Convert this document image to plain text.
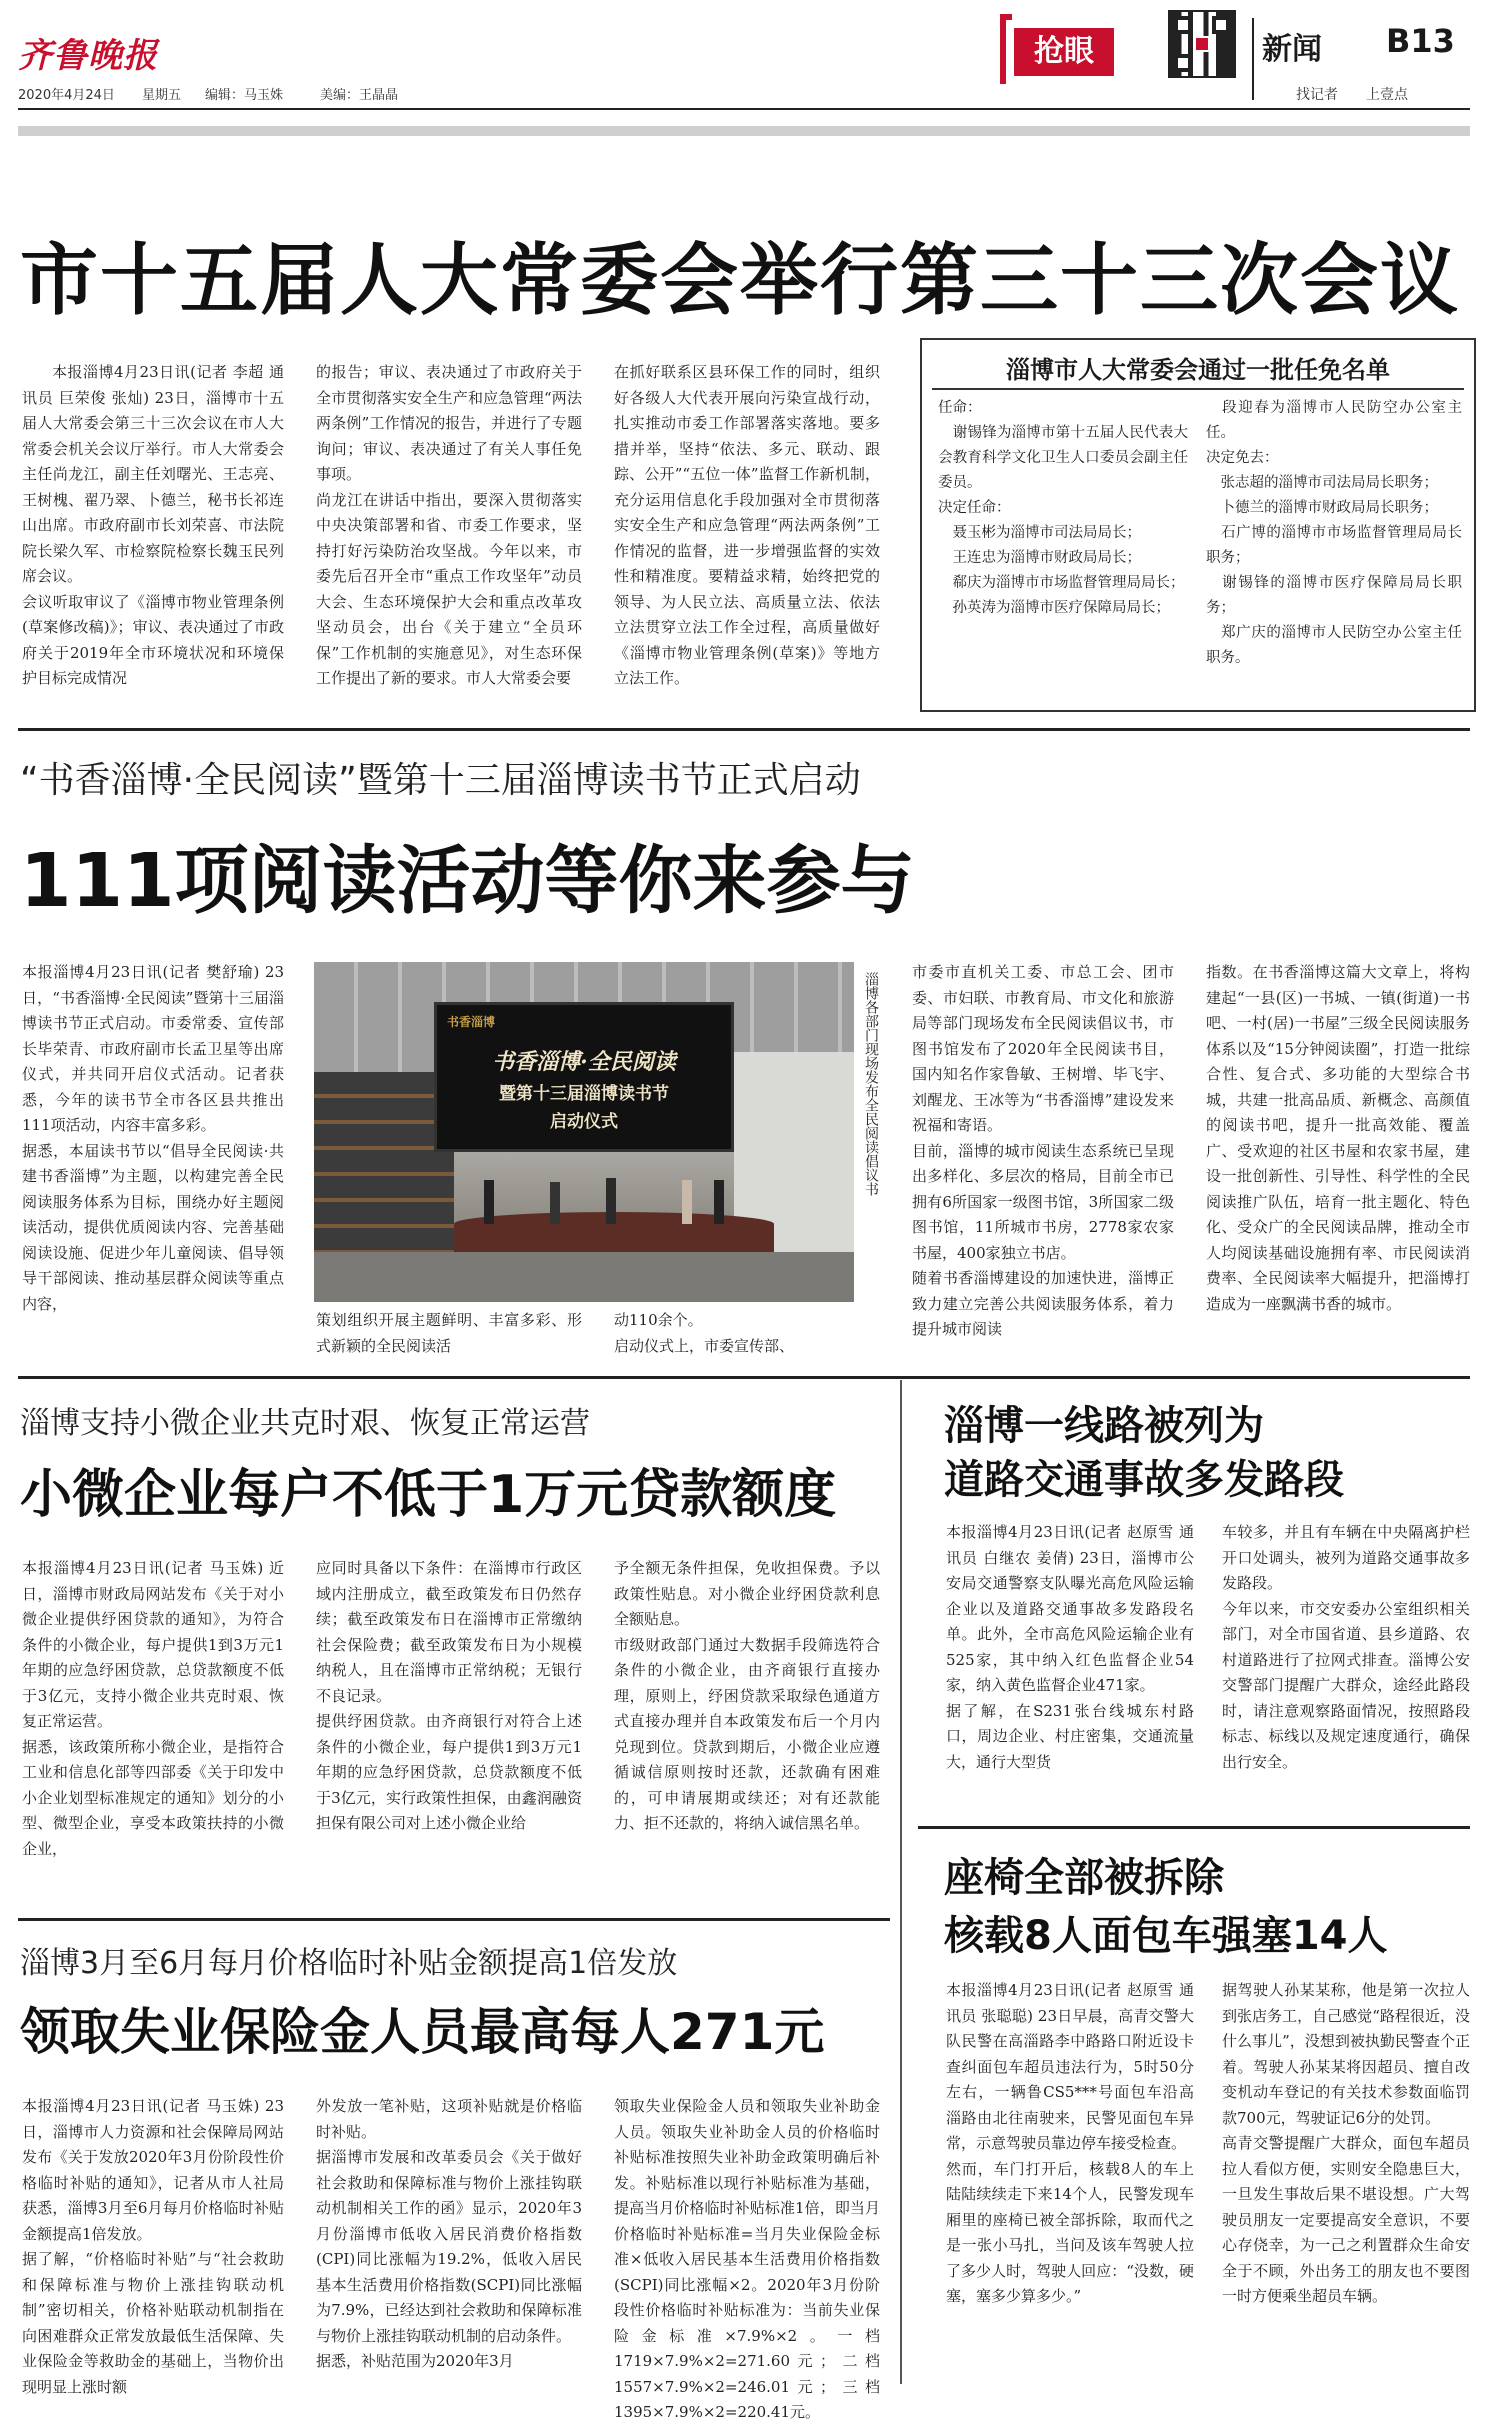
齐鲁晚报
2020年4月24日 星期五 编辑：马玉姝	美编：王晶晶
抢眼	新闻 B13
找记者　　上壹点
市十五届人大常委会举行第三十三次会议
本报淄博4月23日讯(记者 李超 通讯员 巨荣俊 张灿) 23日，淄博市十五届人大常委会第三十三次会议在市人大常委会机关会议厅举行。市人大常委会主任尚龙江，副主任刘曙光、王志亮、王树槐、翟乃翠、卜德兰，秘书长祁连山出席。市政府副市长刘荣喜、市法院院长梁久军、市检察院检察长魏玉民列席会议。
会议听取审议了《淄博市物业管理条例(草案修改稿)》；审议、表决通过了市政府关于2019年全市环境状况和环境保护目标完成情况
的报告；审议、表决通过了市政府关于全市贯彻落实安全生产和应急管理“两法两条例”工作情况的报告，并进行了专题询问；审议、表决通过了有关人事任免事项。
尚龙江在讲话中指出，要深入贯彻落实中央决策部署和省、市委工作要求，坚持打好污染防治攻坚战。今年以来，市委先后召开全市“重点工作攻坚年”动员大会、生态环境保护大会和重点改革攻坚动员会，出台《关于建立“全员环保”工作机制的实施意见》，对生态环保工作提出了新的要求。市人大常委会要
在抓好联系区县环保工作的同时，组织好各级人大代表开展向污染宣战行动，扎实推动市委工作部署落实落地。要多措并举，坚持“依法、多元、联动、跟踪、公开”“五位一体”监督工作新机制，充分运用信息化手段加强对全市贯彻落实安全生产和应急管理“两法两条例”工作情况的监督，进一步增强监督的实效性和精准度。要精益求精，始终把党的领导、为人民立法、高质量立法、依法立法贯穿立法工作全过程，高质量做好《淄博市物业管理条例(草案)》等地方立法工作。
淄博市人大常委会通过一批任免名单
任命：
　谢锡锋为淄博市第十五届人民代表大会教育科学文化卫生人口委员会副主任委员。
决定任命：
　聂玉彬为淄博市司法局局长；
　王连忠为淄博市财政局局长；
　郗庆为淄博市市场监督管理局局长；
　孙英涛为淄博市医疗保障局局长；
　段迎春为淄博市人民防空办公室主任。
决定免去：
　张志超的淄博市司法局局长职务；
　卜德兰的淄博市财政局局长职务；
　石广博的淄博市市场监督管理局局长职务；
　谢锡锋的淄博市医疗保障局局长职务；
　郑广庆的淄博市人民防空办公室主任职务。
“书香淄博·全民阅读”暨第十三届淄博读书节正式启动
111项阅读活动等你来参与
本报淄博4月23日讯(记者 樊舒瑜) 23日，“书香淄博·全民阅读”暨第十三届淄博读书节正式启动。市委常委、宣传部长毕荣青、市政府副市长孟卫星等出席仪式，并共同开启仪式活动。记者获悉，今年的读书节全市各区县共推出111项活动，内容丰富多彩。
据悉，本届读书节以“倡导全民阅读·共建书香淄博”为主题，以构建完善全民阅读服务体系为目标，围绕办好主题阅读活动，提供优质阅读内容、完善基础阅读设施、促进少年儿童阅读、倡导领导干部阅读、推动基层群众阅读等重点内容，
书香淄博
书香淄博·全民阅读
暨第十三届淄博读书节
启动仪式	淄博各部门现场发布全民阅读倡议书
策划组织开展主题鲜明、丰富多彩、形式新颖的全民阅读活
动110余个。
启动仪式上，市委宣传部、
市委市直机关工委、市总工会、团市委、市妇联、市教育局、市文化和旅游局等部门现场发布全民阅读倡议书，市图书馆发布了2020年全民阅读书目，国内知名作家鲁敏、王树增、毕飞宇、刘醒龙、王冰等为“书香淄博”建设发来祝福和寄语。
目前，淄博的城市阅读生态系统已呈现出多样化、多层次的格局，目前全市已拥有6所国家一级图书馆，3所国家二级图书馆，11所城市书房，2778家农家书屋，400家独立书店。
随着书香淄博建设的加速快进，淄博正致力建立完善公共阅读服务体系，着力提升城市阅读
指数。在书香淄博这篇大文章上，将构建起“一县(区)一书城、一镇(街道)一书吧、一村(居)一书屋”三级全民阅读服务体系以及“15分钟阅读圈”，打造一批综合性、复合式、多功能的大型综合书城，共建一批高品质、新概念、高颜值的阅读书吧，提升一批高效能、覆盖广、受欢迎的社区书屋和农家书屋，建设一批创新性、引导性、科学性的全民阅读推广队伍，培育一批主题化、特色化、受众广的全民阅读品牌，推动全市人均阅读基础设施拥有率、市民阅读消费率、全民阅读率大幅提升，把淄博打造成为一座飘满书香的城市。
淄博支持小微企业共克时艰、恢复正常运营
小微企业每户不低于1万元贷款额度
本报淄博4月23日讯(记者 马玉姝) 近日，淄博市财政局网站发布《关于对小微企业提供纾困贷款的通知》，为符合条件的小微企业，每户提供1到3万元1年期的应急纾困贷款，总贷款额度不低于3亿元，支持小微企业共克时艰、恢复正常运营。
据悉，该政策所称小微企业，是指符合工业和信息化部等四部委《关于印发中小企业划型标准规定的通知》划分的小型、微型企业，享受本政策扶持的小微企业，
应同时具备以下条件：在淄博市行政区域内注册成立，截至政策发布日仍然存续；截至政策发布日在淄博市正常缴纳社会保险费；截至政策发布日为小规模纳税人，且在淄博市正常纳税；无银行不良记录。
提供纾困贷款。由齐商银行对符合上述条件的小微企业，每户提供1到3万元1年期的应急纾困贷款，总贷款额度不低于3亿元，实行政策性担保，由鑫润融资担保有限公司对上述小微企业给
予全额无条件担保，免收担保费。予以政策性贴息。对小微企业纾困贷款利息全额贴息。
市级财政部门通过大数据手段筛选符合条件的小微企业，由齐商银行直接办理，原则上，纾困贷款采取绿色通道方式直接办理并自本政策发布后一个月内兑现到位。贷款到期后，小微企业应遵循诚信原则按时还款，还款确有困难的，可申请展期或续还；对有还款能力、拒不还款的，将纳入诚信黑名单。
淄博3月至6月每月价格临时补贴金额提高1倍发放
领取失业保险金人员最高每人271元
本报淄博4月23日讯(记者 马玉姝) 23日，淄博市人力资源和社会保障局网站发布《关于发放2020年3月份阶段性价格临时补贴的通知》，记者从市人社局获悉，淄博3月至6月每月价格临时补贴金额提高1倍发放。
据了解，“价格临时补贴”与“社会救助和保障标准与物价上涨挂钩联动机制”密切相关，价格补贴联动机制指在向困难群众正常发放最低生活保障、失业保险金等救助金的基础上，当物价出现明显上涨时额
外发放一笔补贴，这项补贴就是价格临时补贴。
据淄博市发展和改革委员会《关于做好社会救助和保障标准与物价上涨挂钩联动机制相关工作的函》显示，2020年3月份淄博市低收入居民消费价格指数(CPI)同比涨幅为19.2%，低收入居民基本生活费用价格指数(SCPI)同比涨幅为7.9%，已经达到社会救助和保障标准与物价上涨挂钩联动机制的启动条件。
据悉，补贴范围为2020年3月
领取失业保险金人员和领取失业补助金人员。领取失业补助金人员的价格临时补贴标准按照失业补助金政策明确后补发。补贴标准以现行补贴标准为基础，提高当月价格临时补贴标准1倍，即当月价格临时补贴标准=当月失业保险金标准×低收入居民基本生活费用价格指数(SCPI)同比涨幅×2。2020年3月份阶段性价格临时补贴标准为：当前失业保险金标准×7.9%×2。一档1719×7.9%×2=271.60元；二档1557×7.9%×2=246.01元；三档1395×7.9%×2=220.41元。
淄博一线路被列为
道路交通事故多发路段
本报淄博4月23日讯(记者 赵原雪 通讯员 白继农 姜倩) 23日，淄博市公安局交通警察支队曝光高危风险运输企业以及道路交通事故多发路段名单。此外，全市高危风险运输企业有525家，其中纳入红色监督企业54家，纳入黄色监督企业471家。
据了解，在S231张台线城东村路口，周边企业、村庄密集，交通流量大，通行大型货
车较多，并且有车辆在中央隔离护栏开口处调头，被列为道路交通事故多发路段。
今年以来，市交安委办公室组织相关部门，对全市国省道、县乡道路、农村道路进行了拉网式排查。淄博公安交警部门提醒广大群众，途经此路段时，请注意观察路面情况，按照路段标志、标线以及规定速度通行，确保出行安全。
座椅全部被拆除
核载8人面包车强塞14人
本报淄博4月23日讯(记者 赵原雪 通讯员 张聪聪) 23日早晨，高青交警大队民警在高淄路李中路路口附近设卡查纠面包车超员违法行为，5时50分左右，一辆鲁CS5***号面包车沿高淄路由北往南驶来，民警见面包车异常，示意驾驶员靠边停车接受检查。
然而，车门打开后，核载8人的车上陆陆续续走下来14个人，民警发现车厢里的座椅已被全部拆除，取而代之是一张小马扎，当问及该车驾驶人拉了多少人时，驾驶人回应：“没数，硬塞，塞多少算多少。”
据驾驶人孙某某称，他是第一次拉人到张店务工，自己感觉“路程很近，没什么事儿”，没想到被执勤民警查个正着。驾驶人孙某某将因超员、擅自改变机动车登记的有关技术参数面临罚款700元，驾驶证记6分的处罚。
高青交警提醒广大群众，面包车超员拉人看似方便，实则安全隐患巨大，一旦发生事故后果不堪设想。广大驾驶员朋友一定要提高安全意识，不要心存侥幸，为一己之利置群众生命安全于不顾，外出务工的朋友也不要图一时方便乘坐超员车辆。
